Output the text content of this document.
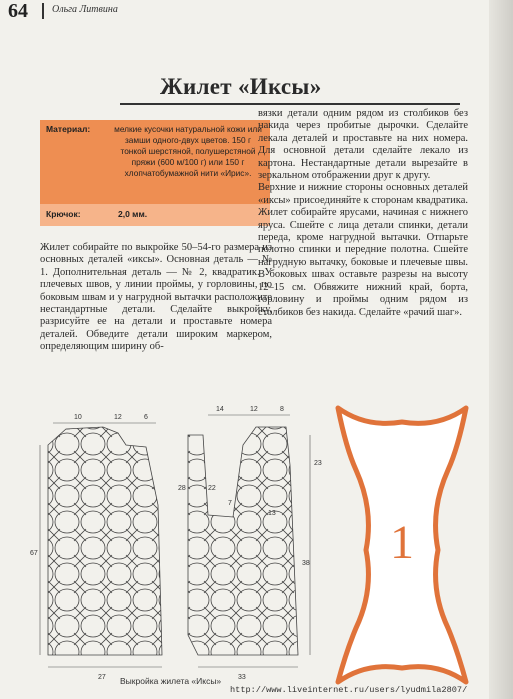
64 Ольга Литвина
Жилет «Иксы»
Материал:	мелкие кусочки натуральной кожи или замши одного-двух цветов. 150 г тонкой шерстяной, полушерстяной пряжи (600 м/100 г) или 150 г хлопчатобумажной нити «Ирис».
Крючок:	2,0 мм.

Жилет собирайте по выкройке 50–54-го размера из основных деталей «иксы». Основная деталь — № 1. Дополнительная деталь — № 2, квадратик. У плечевых швов, у линии проймы, у горловины, по боковым швам и у нагрудной вытачки расположите нестандартные детали. Сделайте выкройку, разрисуйте ее на детали и проставьте номера деталей. Обведите детали широким маркером, определяющим ширину об-

вязки детали одним рядом из столбиков без накида через пробитые дырочки. Сделайте лекала деталей и проставьте на них номера. Для основной детали сделайте лекало из картона. Нестандартные детали вырезайте в зеркальном отображении друг к другу.

Верхние и нижние стороны основных деталей «иксы» присоединяйте к сторонам квадратика. Жилет собирайте ярусами, начиная с нижнего яруса. Сшейте с лица детали спинки, детали переда, кроме нагрудной вытачки. Отпарьте полотно спинки и передние полотна. Сшейте нагрудную вытачку, боковые и плечевые швы. В боковых швах оставьте разрезы на высоту 12–15 см. Обвяжите нижний край, борта, горловину и проймы одним рядом из столбиков без накида. Сделайте «рачий шаг».

10	12	6
27
67
14	12	8
33
28	22
7
38
23
13
Выкройка жилета «Иксы»
1
http://www.liveinternet.ru/users/lyudmila2807/
